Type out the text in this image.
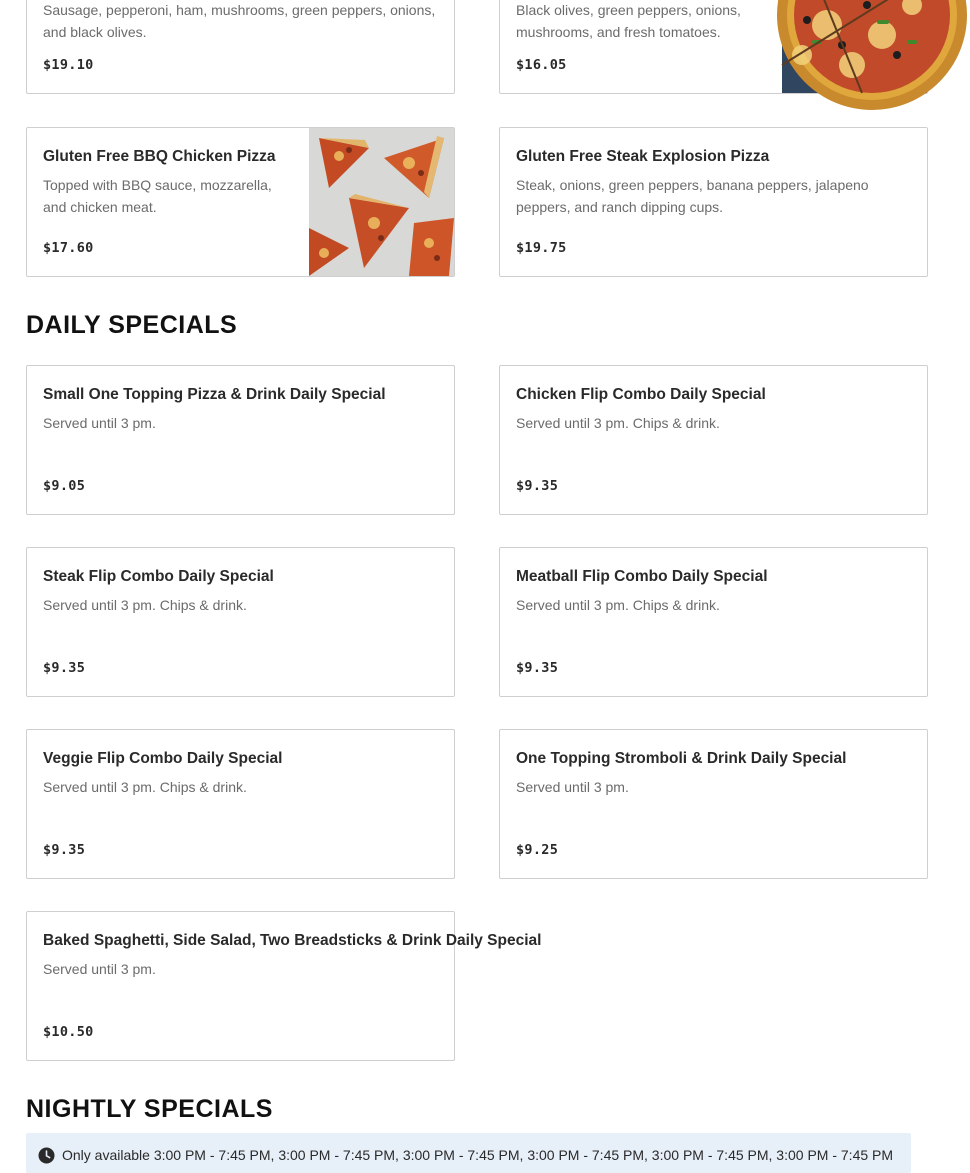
Sausage, pepperoni, ham, mushrooms, green peppers, onions, and black olives.
$19.10
Black olives, green peppers, onions, mushrooms, and fresh tomatoes.
$16.05
Gluten Free BBQ Chicken Pizza
Topped with BBQ sauce, mozzarella, and chicken meat.
$17.60
Gluten Free Steak Explosion Pizza
Steak, onions, green peppers, banana peppers, jalapeno peppers, and ranch dipping cups.
$19.75
DAILY SPECIALS
Small One Topping Pizza & Drink Daily Special
Served until 3 pm.
$9.05
Chicken Flip Combo Daily Special
Served until 3 pm. Chips & drink.
$9.35
Steak Flip Combo Daily Special
Served until 3 pm. Chips & drink.
$9.35
Meatball Flip Combo Daily Special
Served until 3 pm. Chips & drink.
$9.35
Veggie Flip Combo Daily Special
Served until 3 pm. Chips & drink.
$9.35
One Topping Stromboli & Drink Daily Special
Served until 3 pm.
$9.25
Baked Spaghetti, Side Salad, Two Breadsticks & Drink Daily Special
Served until 3 pm.
$10.50
NIGHTLY SPECIALS
Only available 3:00 PM - 7:45 PM, 3:00 PM - 7:45 PM, 3:00 PM - 7:45 PM, 3:00 PM - 7:45 PM, 3:00 PM - 7:45 PM, 3:00 PM - 7:45 PM
